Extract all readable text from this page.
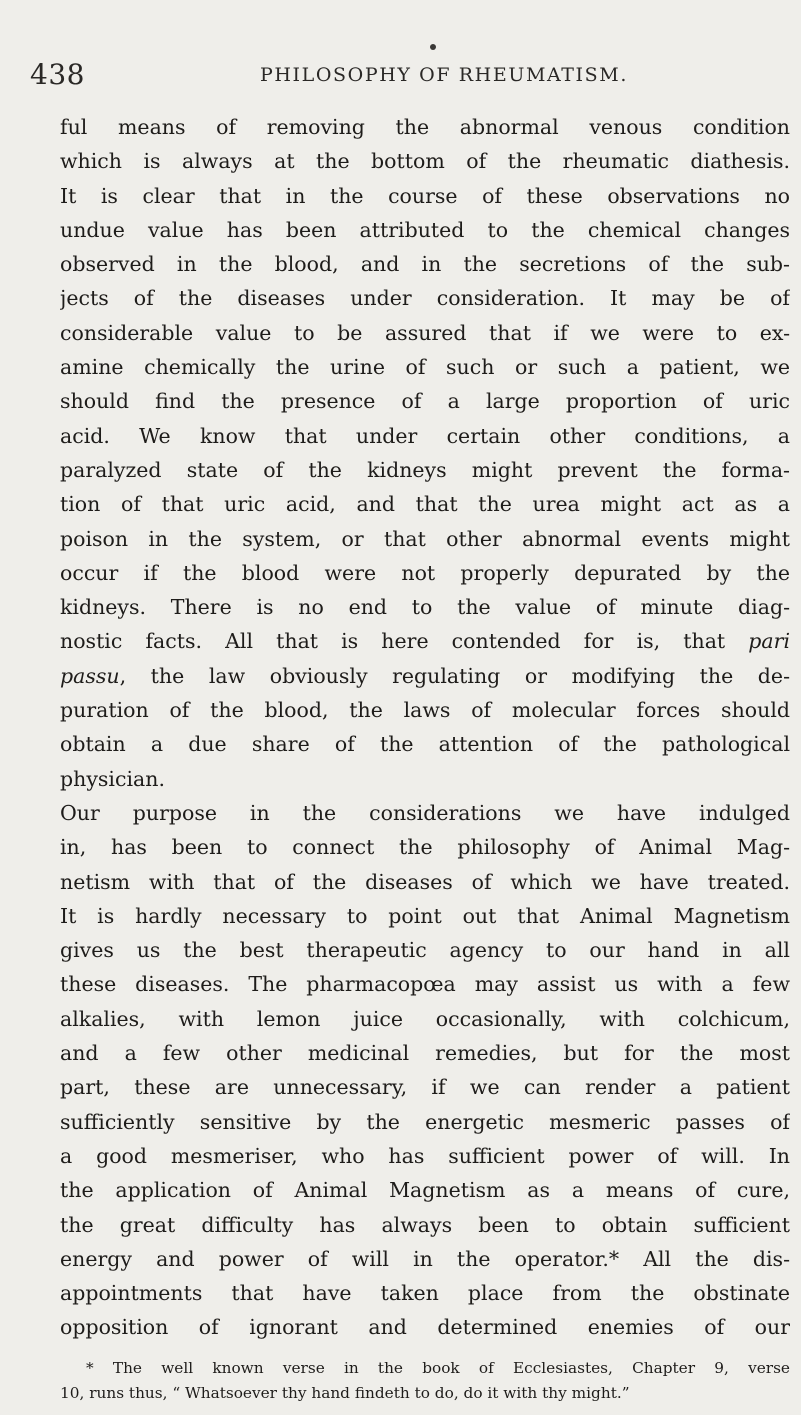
438	PHILOSOPHY OF RHEUMATISM.
ful means of removing the abnormal venous condition
which is always at the bottom of the rheumatic diathesis.
It is clear that in the course of these observations no
undue value has been attributed to the chemical changes
observed in the blood, and in the secretions of the sub-
jects of the diseases under consideration. It may be of
considerable value to be assured that if we were to ex-
amine chemically the urine of such or such a patient, we
should find the presence of a large proportion of uric
acid. We know that under certain other conditions, a
paralyzed state of the kidneys might prevent the forma-
tion of that uric acid, and that the urea might act as a
poison in the system, or that other abnormal events might
occur if the blood were not properly depurated by the
kidneys. There is no end to the value of minute diag-
nostic facts. All that is here contended for is, that pari
passu, the law obviously regulating or modifying the de-
puration of the blood, the laws of molecular forces should
obtain a due share of the attention of the pathological
physician.
Our purpose in the considerations we have indulged
in, has been to connect the philosophy of Animal Mag-
netism with that of the diseases of which we have treated.
It is hardly necessary to point out that Animal Magnetism
gives us the best therapeutic agency to our hand in all
these diseases. The pharmacopœa may assist us with a few
alkalies, with lemon juice occasionally, with colchicum,
and a few other medicinal remedies, but for the most
part, these are unnecessary, if we can render a patient
sufficiently sensitive by the energetic mesmeric passes of
a good mesmeriser, who has sufficient power of will. In
the application of Animal Magnetism as a means of cure,
the great difficulty has always been to obtain sufficient
energy and power of will in the operator.* All the dis-
appointments that have taken place from the obstinate
opposition of ignorant and determined enemies of our
* The well known verse in the book of Ecclesiastes, Chapter 9, verse
10, runs thus, “ Whatsoever thy hand findeth to do, do it with thy might.”
